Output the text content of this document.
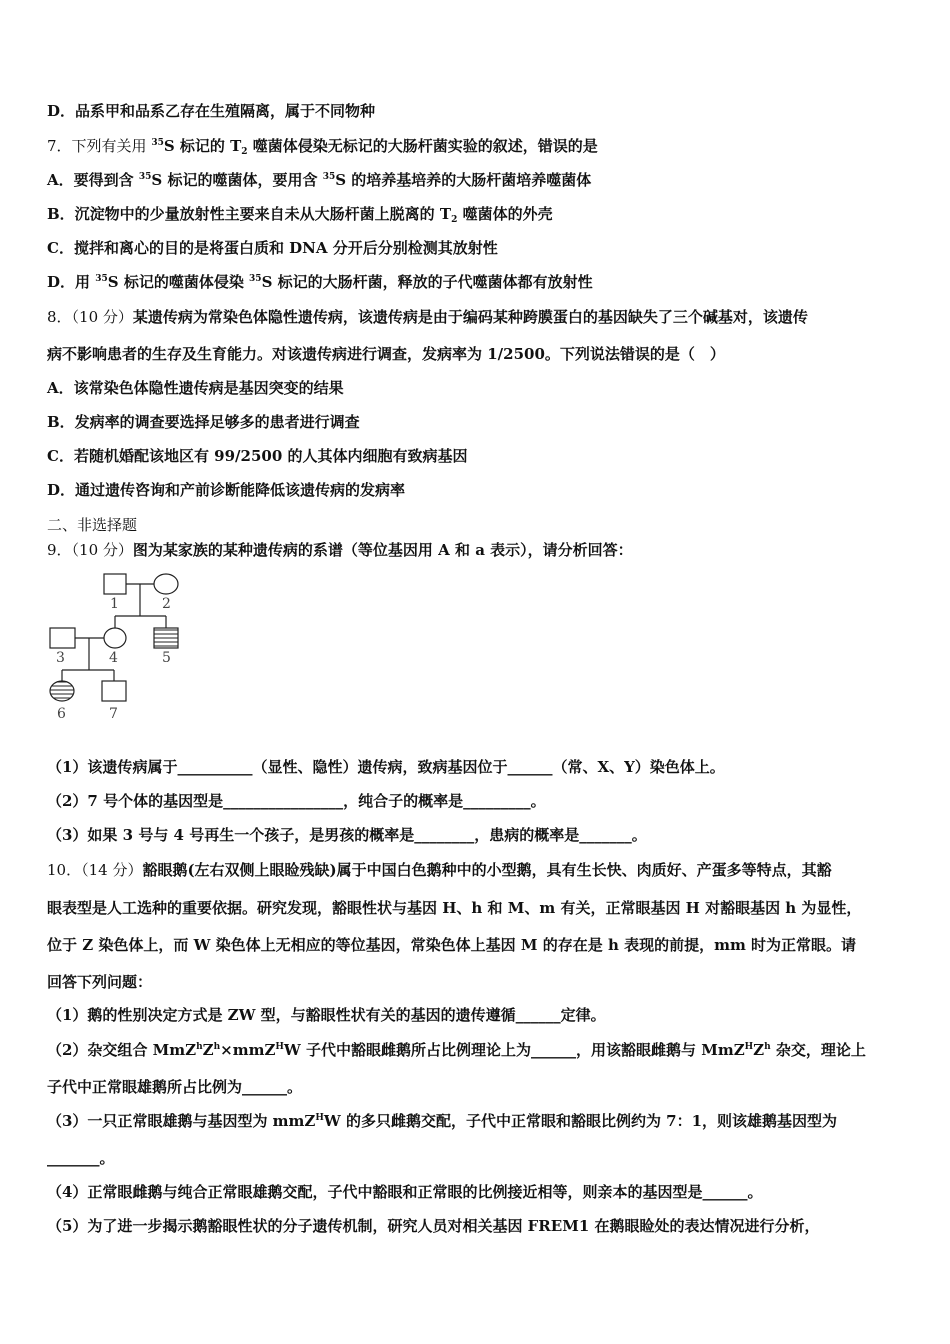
D．品系甲和品系乙存在生殖隔离，属于不同物种
7．下列有关用 $^{35}$S 标记的 $T_2$ 噬菌体侵染无标记的大肠杆菌实验的叙述，错误的是
A．要得到含 $^{35}$S 标记的噬菌体，要用含 $^{35}$S 的培养基培养的大肠杆菌培养噬菌体
B．沉淀物中的少量放射性主要来自未从大肠杆菌上脱离的 $T_2$ 噬菌体的外壳
C．搅拌和离心的目的是将蛋白质和 DNA 分开后分别检测其放射性
D．用 $^{35}$S 标记的噬菌体侵染 $^{35}$S 标记的大肠杆菌，释放的子代噬菌体都有放射性
8．（10 分）某遗传病为常染色体隐性遗传病，该遗传病是由于编码某种跨膜蛋白的基因缺失了三个碱基对，该遗传
病不影响患者的生存及生育能力。对该遗传病进行调查，发病率为 1/2500。下列说法错误的是（　）
A．该常染色体隐性遗传病是基因突变的结果
B．发病率的调查要选择足够多的患者进行调查
C．若随机婚配该地区有 99/2500 的人其体内细胞有致病基因
D．通过遗传咨询和产前诊断能降低该遗传病的发病率
二、非选择题
9．（10 分）图为某家族的某种遗传病的系谱（等位基因用 A 和 a 表示），请分析回答：
1	2
3	4	5
6	7
（1）该遗传病属于__________（显性、隐性）遗传病，致病基因位于______（常、X、Y）染色体上。
（2）7 号个体的基因型是________________，纯合子的概率是_________。
（3）如果 3 号与 4 号再生一个孩子，是男孩的概率是________，患病的概率是_______。
10．（14 分）豁眼鹅(左右双侧上眼睑残缺)属于中国白色鹅种中的小型鹅，具有生长快、肉质好、产蛋多等特点，其豁
眼表型是人工选种的重要依据。研究发现，豁眼性状与基因 H、h 和 M、m 有关，正常眼基因 H 对豁眼基因 h 为显性，
位于 Z 染色体上，而 W 染色体上无相应的等位基因，常染色体上基因 M 的存在是 h 表现的前提，mm 时为正常眼。请
回答下列问题：
（1）鹅的性别决定方式是 ZW 型，与豁眼性状有关的基因的遗传遵循______定律。
（2）杂交组合 $MmZ^hZ^h\times mmZ^HW$ 子代中豁眼雌鹅所占比例理论上为______，用该豁眼雌鹅与 $MmZ^HZ^h$ 杂交，理论上
子代中正常眼雄鹅所占比例为______。
（3）一只正常眼雄鹅与基因型为 mmZ$^H$W 的多只雌鹅交配，子代中正常眼和豁眼比例约为 7：1，则该雄鹅基因型为
_______。
（4）正常眼雌鹅与纯合正常眼雄鹅交配，子代中豁眼和正常眼的比例接近相等，则亲本的基因型是______。
（5）为了进一步揭示鹅豁眼性状的分子遗传机制，研究人员对相关基因 FREM1 在鹅眼睑处的表达情况进行分析，
